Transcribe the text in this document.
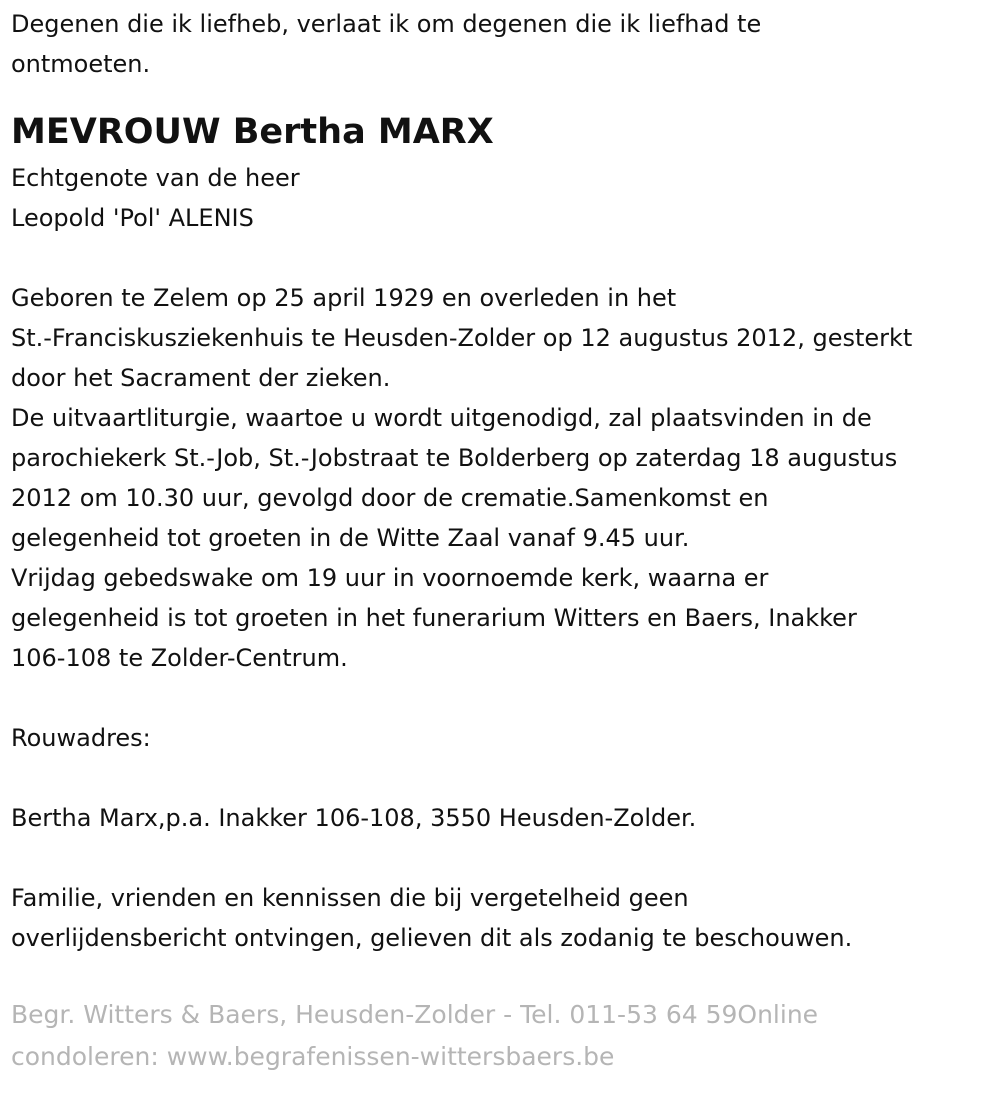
Degenen die ik liefheb, verlaat ik om degenen die ik liefhad te
ontmoeten.
MEVROUW Bertha MARX
Echtgenote van de heer
Leopold 'Pol' ALENIS
Geboren te Zelem op 25 april 1929 en overleden in het
St.-Franciskusziekenhuis te Heusden-Zolder op 12 augustus 2012, gesterkt
door het Sacrament der zieken.
De uitvaartliturgie, waartoe u wordt uitgenodigd, zal plaatsvinden in de
parochiekerk St.-Job, St.-Jobstraat te Bolderberg op zaterdag 18 augustus
2012 om 10.30 uur, gevolgd door de crematie.Samenkomst en
gelegenheid tot groeten in de Witte Zaal vanaf 9.45 uur.
Vrijdag gebedswake om 19 uur in voornoemde kerk, waarna er
gelegenheid is tot groeten in het funerarium Witters en Baers, Inakker
106-108 te Zolder-Centrum.
Rouwadres:
Bertha Marx,p.a. Inakker 106-108, 3550 Heusden-Zolder.
Familie, vrienden en kennissen die bij vergetelheid geen
overlijdensbericht ontvingen, gelieven dit als zodanig te beschouwen.
Begr. Witters & Baers, Heusden-Zolder - Tel. 011-53 64 59Online
condoleren: www.begrafenissen-wittersbaers.be
